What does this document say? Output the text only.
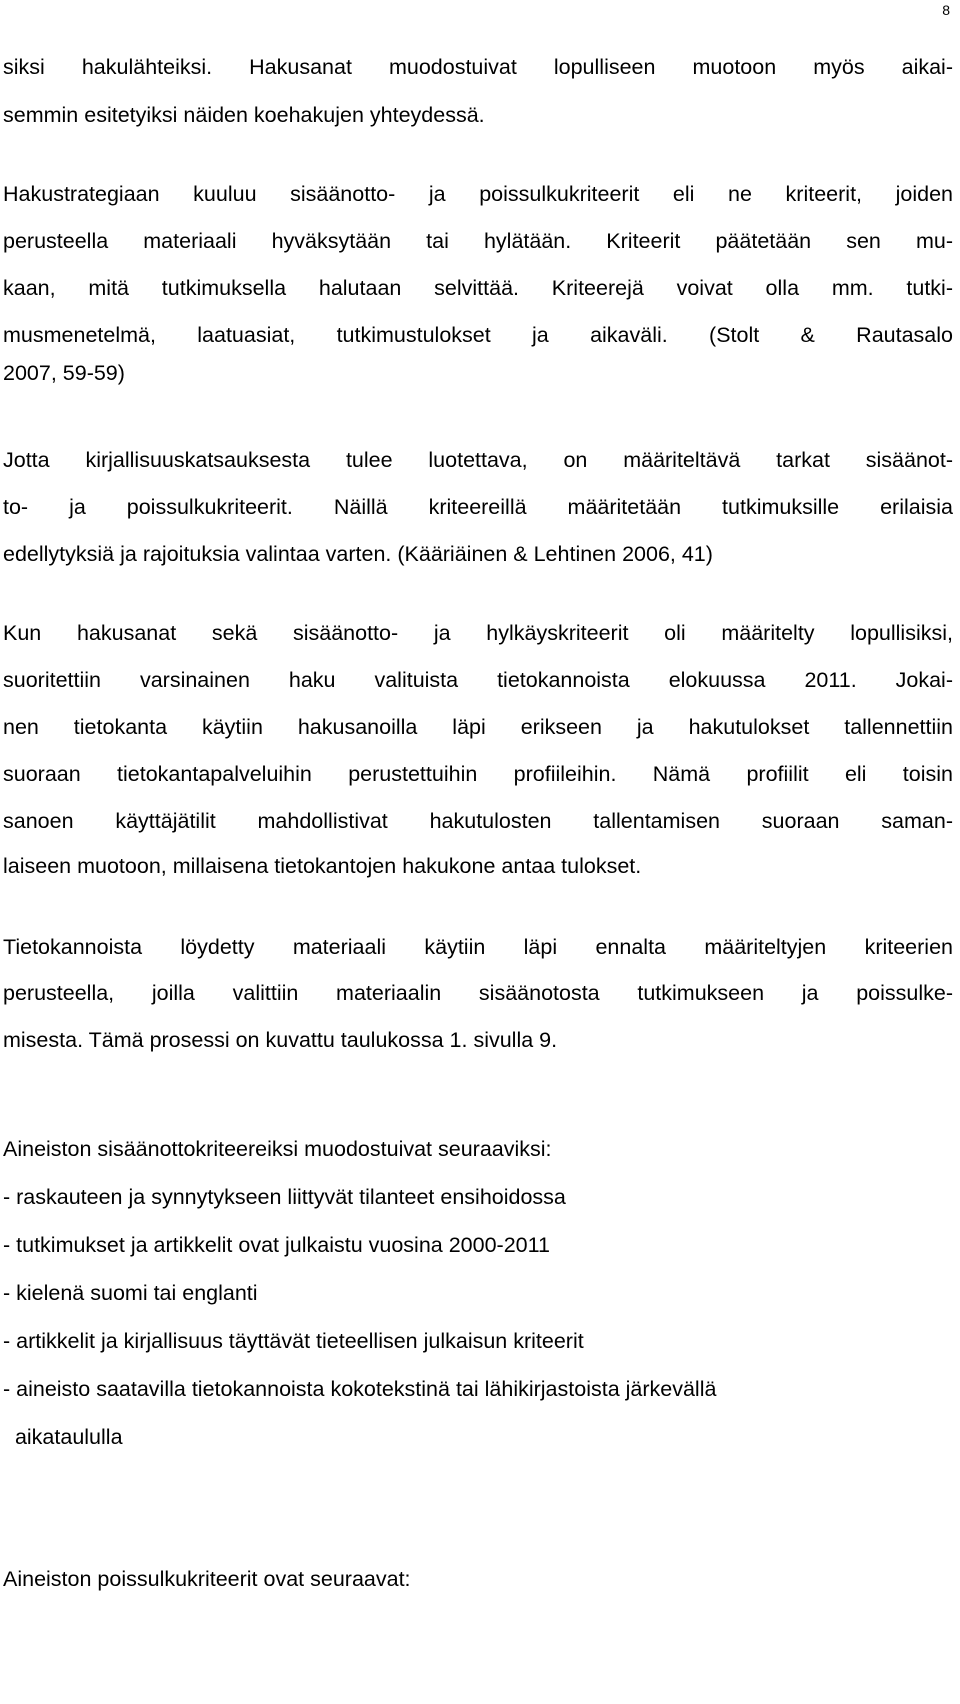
8
siksi hakulähteiksi. Hakusanat muodostuivat lopulliseen muotoon myös aikai-
semmin esitetyiksi näiden koehakujen yhteydessä.
Hakustrategiaan kuuluu sisäänotto- ja poissulkukriteerit eli ne kriteerit, joiden
perusteella materiaali hyväksytään tai hylätään. Kriteerit päätetään sen mu-
kaan, mitä tutkimuksella halutaan selvittää. Kriteerejä voivat olla mm. tutki-
musmenetelmä, laatuasiat, tutkimustulokset ja aikaväli. (Stolt & Rautasalo
2007, 59-59)
Jotta kirjallisuuskatsauksesta tulee luotettava, on määriteltävä tarkat sisäänot-
to- ja poissulkukriteerit. Näillä kriteereillä määritetään tutkimuksille erilaisia
edellytyksiä ja rajoituksia valintaa varten. (Kääriäinen & Lehtinen 2006, 41)
Kun hakusanat sekä sisäänotto- ja hylkäyskriteerit oli määritelty lopullisiksi,
suoritettiin varsinainen haku valituista tietokannoista elokuussa 2011. Jokai-
nen tietokanta käytiin hakusanoilla läpi erikseen ja hakutulokset tallennettiin
suoraan tietokantapalveluihin perustettuihin profiileihin. Nämä profiilit eli toisin
sanoen käyttäjätilit mahdollistivat hakutulosten tallentamisen suoraan saman-
laiseen muotoon, millaisena tietokantojen hakukone antaa tulokset.
Tietokannoista löydetty materiaali käytiin läpi ennalta määriteltyjen kriteerien
perusteella, joilla valittiin materiaalin sisäänotosta tutkimukseen ja poissulke-
misesta. Tämä prosessi on kuvattu taulukossa 1. sivulla 9.
Aineiston sisäänottokriteereiksi muodostuivat seuraaviksi:
- raskauteen ja synnytykseen liittyvät tilanteet ensihoidossa
- tutkimukset ja artikkelit ovat julkaistu vuosina 2000-2011
- kielenä suomi tai englanti
- artikkelit ja kirjallisuus täyttävät tieteellisen julkaisun kriteerit
- aineisto saatavilla tietokannoista kokotekstinä tai lähikirjastoista järkevällä
aikataululla
Aineiston poissulkukriteerit ovat seuraavat:
